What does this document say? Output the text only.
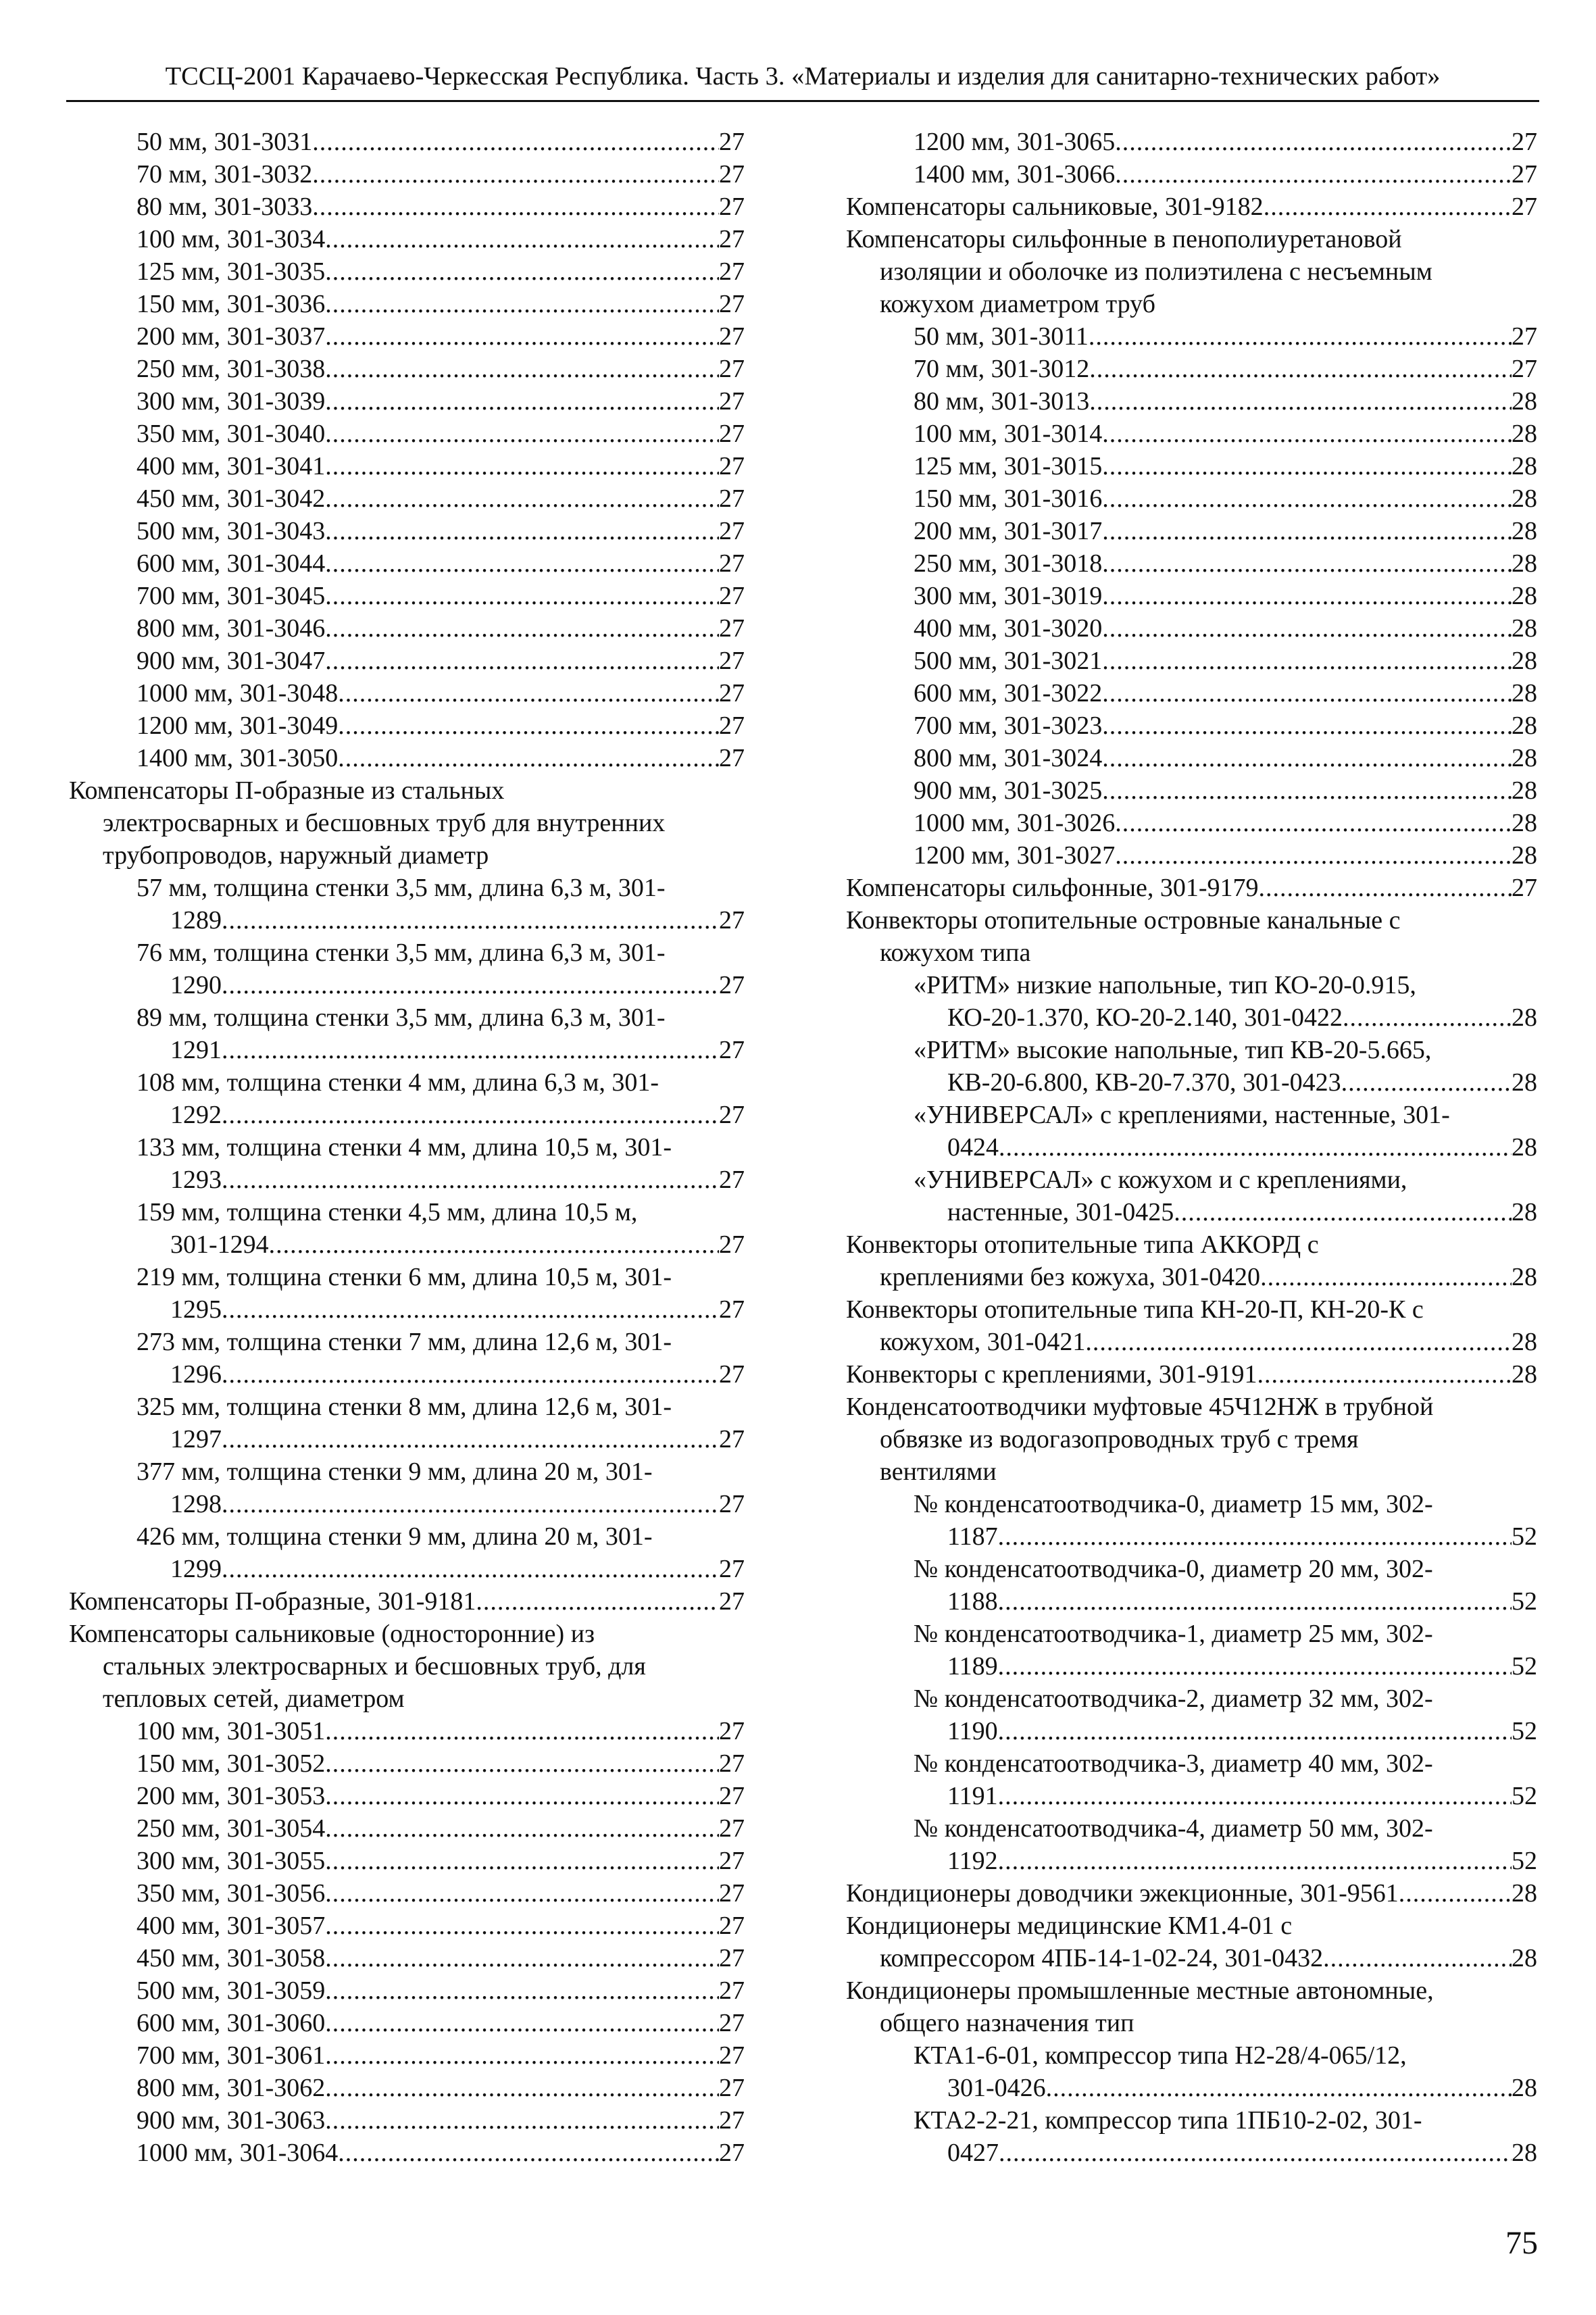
ТССЦ-2001 Карачаево-Черкесская Республика. Часть 3. «Материалы и изделия для санитарно-технических работ»
50 мм, 301-3031 .....	27
70 мм, 301-3032 .....	27
80 мм, 301-3033 .....	27
100 мм, 301-3034 .....	27
125 мм, 301-3035 .....	27
150 мм, 301-3036 .....	27
200 мм, 301-3037 .....	27
250 мм, 301-3038 .....	27
300 мм, 301-3039 .....	27
350 мм, 301-3040 .....	27
400 мм, 301-3041 .....	27
450 мм, 301-3042 .....	27
500 мм, 301-3043 .....	27
600 мм, 301-3044 .....	27
700 мм, 301-3045 .....	27
800 мм, 301-3046 .....	27
900 мм, 301-3047 .....	27
1000 мм, 301-3048 .....	27
1200 мм, 301-3049 .....	27
1400 мм, 301-3050 .....	27
Компенсаторы П-образные из стальных
электросварных и бесшовных труб для внутренних
трубопроводов, наружный диаметр
57 мм, толщина стенки 3,5 мм, длина 6,3 м, 301-
1289 .....	27
76 мм, толщина стенки 3,5 мм, длина 6,3 м, 301-
1290 .....	27
89 мм, толщина стенки 3,5 мм, длина 6,3 м, 301-
1291 .....	27
108 мм, толщина стенки 4 мм, длина 6,3 м, 301-
1292 .....	27
133 мм, толщина стенки 4 мм, длина 10,5 м, 301-
1293 .....	27
159 мм, толщина стенки 4,5 мм, длина 10,5 м,
301-1294 .....	27
219 мм, толщина стенки 6 мм, длина 10,5 м, 301-
1295 .....	27
273 мм, толщина стенки 7 мм, длина 12,6 м, 301-
1296 .....	27
325 мм, толщина стенки 8 мм, длина 12,6 м, 301-
1297 .....	27
377 мм, толщина стенки 9 мм, длина 20 м, 301-
1298 .....	27
426 мм, толщина стенки 9 мм, длина 20 м, 301-
1299 .....	27
Компенсаторы П-образные, 301-9181 .....	27
Компенсаторы сальниковые (односторонние) из
стальных электросварных и бесшовных труб, для
тепловых сетей, диаметром
100 мм, 301-3051 .....	27
150 мм, 301-3052 .....	27
200 мм, 301-3053 .....	27
250 мм, 301-3054 .....	27
300 мм, 301-3055 .....	27
350 мм, 301-3056 .....	27
400 мм, 301-3057 .....	27
450 мм, 301-3058 .....	27
500 мм, 301-3059 .....	27
600 мм, 301-3060 .....	27
700 мм, 301-3061 .....	27
800 мм, 301-3062 .....	27
900 мм, 301-3063 .....	27
1000 мм, 301-3064 .....	27
1200 мм, 301-3065 .....	27
1400 мм, 301-3066 .....	27
Компенсаторы сальниковые, 301-9182 .....	27
Компенсаторы сильфонные в пенополиуретановой
изоляции и оболочке из полиэтилена с несъемным
кожухом диаметром труб
50 мм, 301-3011 .....	27
70 мм, 301-3012 .....	27
80 мм, 301-3013 .....	28
100 мм, 301-3014 .....	28
125 мм, 301-3015 .....	28
150 мм, 301-3016 .....	28
200 мм, 301-3017 .....	28
250 мм, 301-3018 .....	28
300 мм, 301-3019 .....	28
400 мм, 301-3020 .....	28
500 мм, 301-3021 .....	28
600 мм, 301-3022 .....	28
700 мм, 301-3023 .....	28
800 мм, 301-3024 .....	28
900 мм, 301-3025 .....	28
1000 мм, 301-3026 .....	28
1200 мм, 301-3027 .....	28
Компенсаторы сильфонные, 301-9179 .....	27
Конвекторы отопительные островные канальные с
кожухом типа
«РИТМ» низкие напольные, тип КО-20-0.915,
КО-20-1.370, КО-20-2.140, 301-0422 .....	28
«РИТМ» высокие напольные, тип КВ-20-5.665,
КВ-20-6.800, КВ-20-7.370, 301-0423 .....	28
«УНИВЕРСАЛ» с креплениями, настенные, 301-
0424 .....	28
«УНИВЕРСАЛ» с кожухом и с креплениями,
настенные, 301-0425 .....	28
Конвекторы отопительные типа АККОРД с
креплениями без кожуха, 301-0420 .....	28
Конвекторы отопительные типа КН-20-П, КН-20-К с
кожухом, 301-0421 .....	28
Конвекторы с креплениями, 301-9191 .....	28
Конденсатоотводчики муфтовые 45Ч12НЖ в трубной
обвязке из водогазопроводных труб с тремя
вентилями
№ конденсатоотводчика-0, диаметр 15 мм, 302-
1187 .....	52
№ конденсатоотводчика-0, диаметр 20 мм, 302-
1188 .....	52
№ конденсатоотводчика-1, диаметр 25 мм, 302-
1189 .....	52
№ конденсатоотводчика-2, диаметр 32 мм, 302-
1190 .....	52
№ конденсатоотводчика-3, диаметр 40 мм, 302-
1191 .....	52
№ конденсатоотводчика-4, диаметр 50 мм, 302-
1192 .....	52
Кондиционеры доводчики эжекционные, 301-9561 .....	28
Кондиционеры медицинские КМ1.4-01 с
компрессором 4ПБ-14-1-02-24, 301-0432 .....	28
Кондиционеры промышленные местные автономные,
общего назначения тип
КТА1-6-01, компрессор типа Н2-28/4-065/12,
301-0426 .....	28
КТА2-2-21, компрессор типа 1ПБ10-2-02, 301-
0427 .....	28
75
